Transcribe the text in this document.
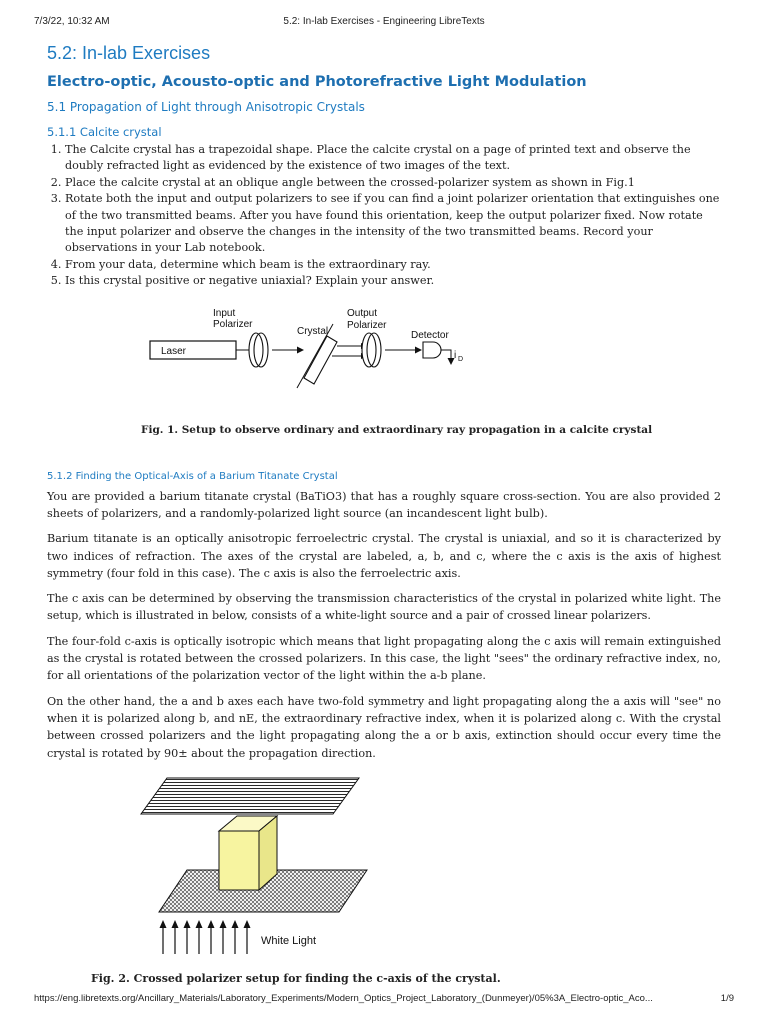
7/3/22, 10:32 AM	5.2: In-lab Exercises - Engineering LibreTexts
5.2: In-lab Exercises
Electro-optic, Acousto-optic and Photorefractive Light Modulation
5.1 Propagation of Light through Anisotropic Crystals
5.1.1 Calcite crystal
1. The Calcite crystal has a trapezoidal shape. Place the calcite crystal on a page of printed text and observe the doubly refracted light as evidenced by the existence of two images of the text.
2. Place the calcite crystal at an oblique angle between the crossed-polarizer system as shown in Fig.1
3. Rotate both the input and output polarizers to see if you can find a joint polarizer orientation that extinguishes one of the two transmitted beams. After you have found this orientation, keep the output polarizer fixed. Now rotate the input polarizer and observe the changes in the intensity of the two transmitted beams. Record your observations in your Lab notebook.
4. From your data, determine which beam is the extraordinary ray.
5. Is this crystal positive or negative uniaxial? Explain your answer.
Laser
Input
Polarizer
Crystal
Output
Polarizer
Detector
i D
Fig. 1. Setup to observe ordinary and extraordinary ray propagation in a calcite crystal
5.1.2 Finding the Optical-Axis of a Barium Titanate Crystal

You are provided a barium titanate crystal (BaTiO3) that has a roughly square cross-section. You are also provided 2 sheets of polarizers, and a randomly-polarized light source (an incandescent light bulb).

Barium titanate is an optically anisotropic ferroelectric crystal. The crystal is uniaxial, and so it is characterized by two indices of refraction. The axes of the crystal are labeled, a, b, and c, where the c axis is the axis of highest symmetry (four fold in this case). The c axis is also the ferroelectric axis.

The c axis can be determined by observing the transmission characteristics of the crystal in polarized white light. The setup, which is illustrated in below, consists of a white-light source and a pair of crossed linear polarizers.

The four-fold c-axis is optically isotropic which means that light propagating along the c axis will remain extinguished as the crystal is rotated between the crossed polarizers. In this case, the light "sees" the ordinary refractive index, no, for all orientations of the polarization vector of the light within the a-b plane.

On the other hand, the a and b axes each have two-fold symmetry and light propagating along the a axis will "see" no when it is polarized along b, and nE, the extraordinary refractive index, when it is polarized along c. With the crystal between crossed polarizers and the light propagating along the a or b axis, extinction should occur every time the crystal is rotated by 90± about the propagation direction.

White Light
Fig. 2. Crossed polarizer setup for finding the c-axis of the crystal.
https://eng.libretexts.org/Ancillary_Materials/Laboratory_Experiments/Modern_Optics_Project_Laboratory_(Dunmeyer)/05%3A_Electro-optic_Aco...	1/9
